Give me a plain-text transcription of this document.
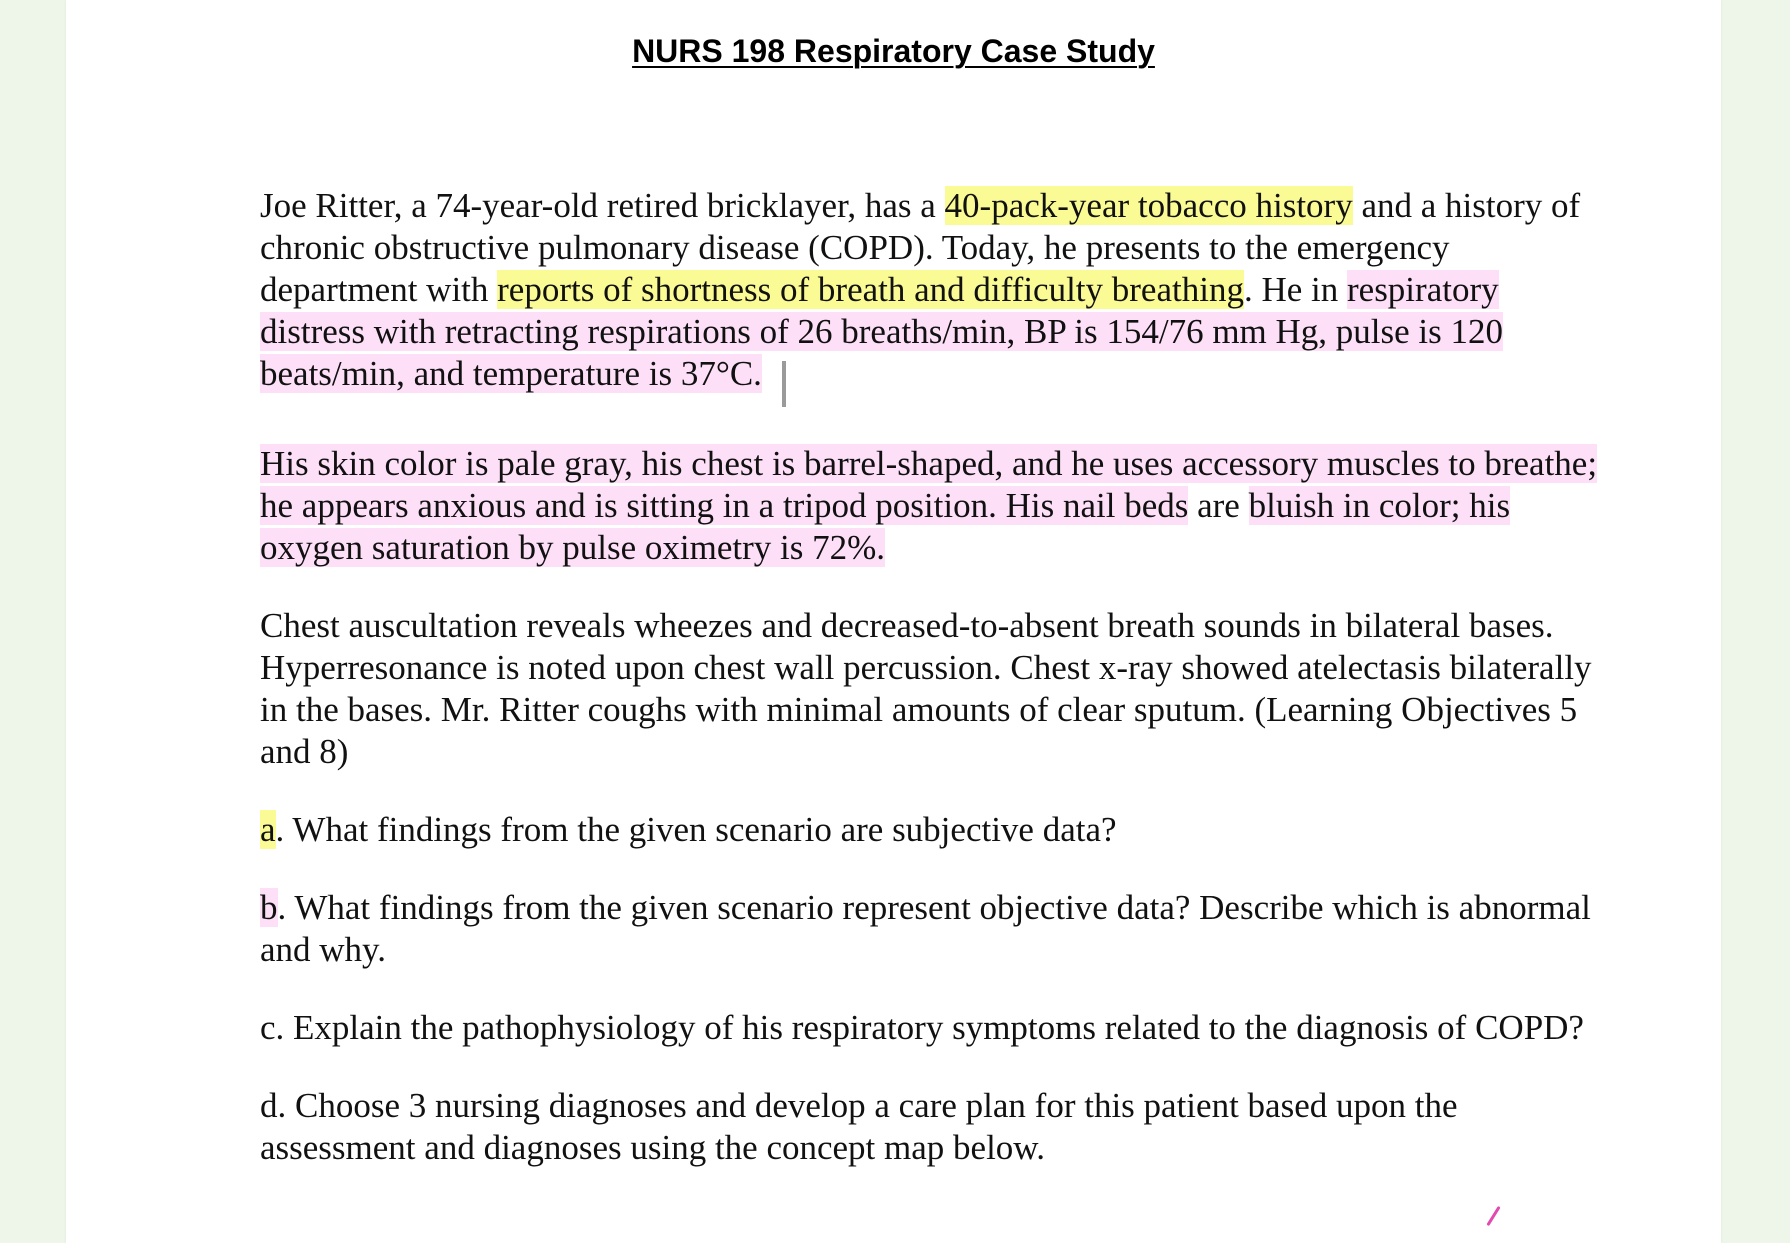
NURS 198 Respiratory Case Study

Joe Ritter, a 74-year-old retired bricklayer, has a 40-pack-year tobacco history and a history of chronic obstructive pulmonary disease (COPD). Today, he presents to the emergency department with reports of shortness of breath and difficulty breathing. He in respiratory distress with retracting respirations of 26 breaths/min, BP is 154/76 mm Hg, pulse is 120 beats/min, and temperature is 37°C.

His skin color is pale gray, his chest is barrel-shaped, and he uses accessory muscles to breathe; he appears anxious and is sitting in a tripod position. His nail beds are bluish in color; his oxygen saturation by pulse oximetry is 72%.

Chest auscultation reveals wheezes and decreased-to-absent breath sounds in bilateral bases. Hyperresonance is noted upon chest wall percussion. Chest x-ray showed atelectasis bilaterally in the bases. Mr. Ritter coughs with minimal amounts of clear sputum. (Learning Objectives 5 and 8)

a. What findings from the given scenario are subjective data?

b. What findings from the given scenario represent objective data? Describe which is abnormal and why.

c. Explain the pathophysiology of his respiratory symptoms related to the diagnosis of COPD?

d. Choose 3 nursing diagnoses and develop a care plan for this patient based upon the assessment and diagnoses using the concept map below.
